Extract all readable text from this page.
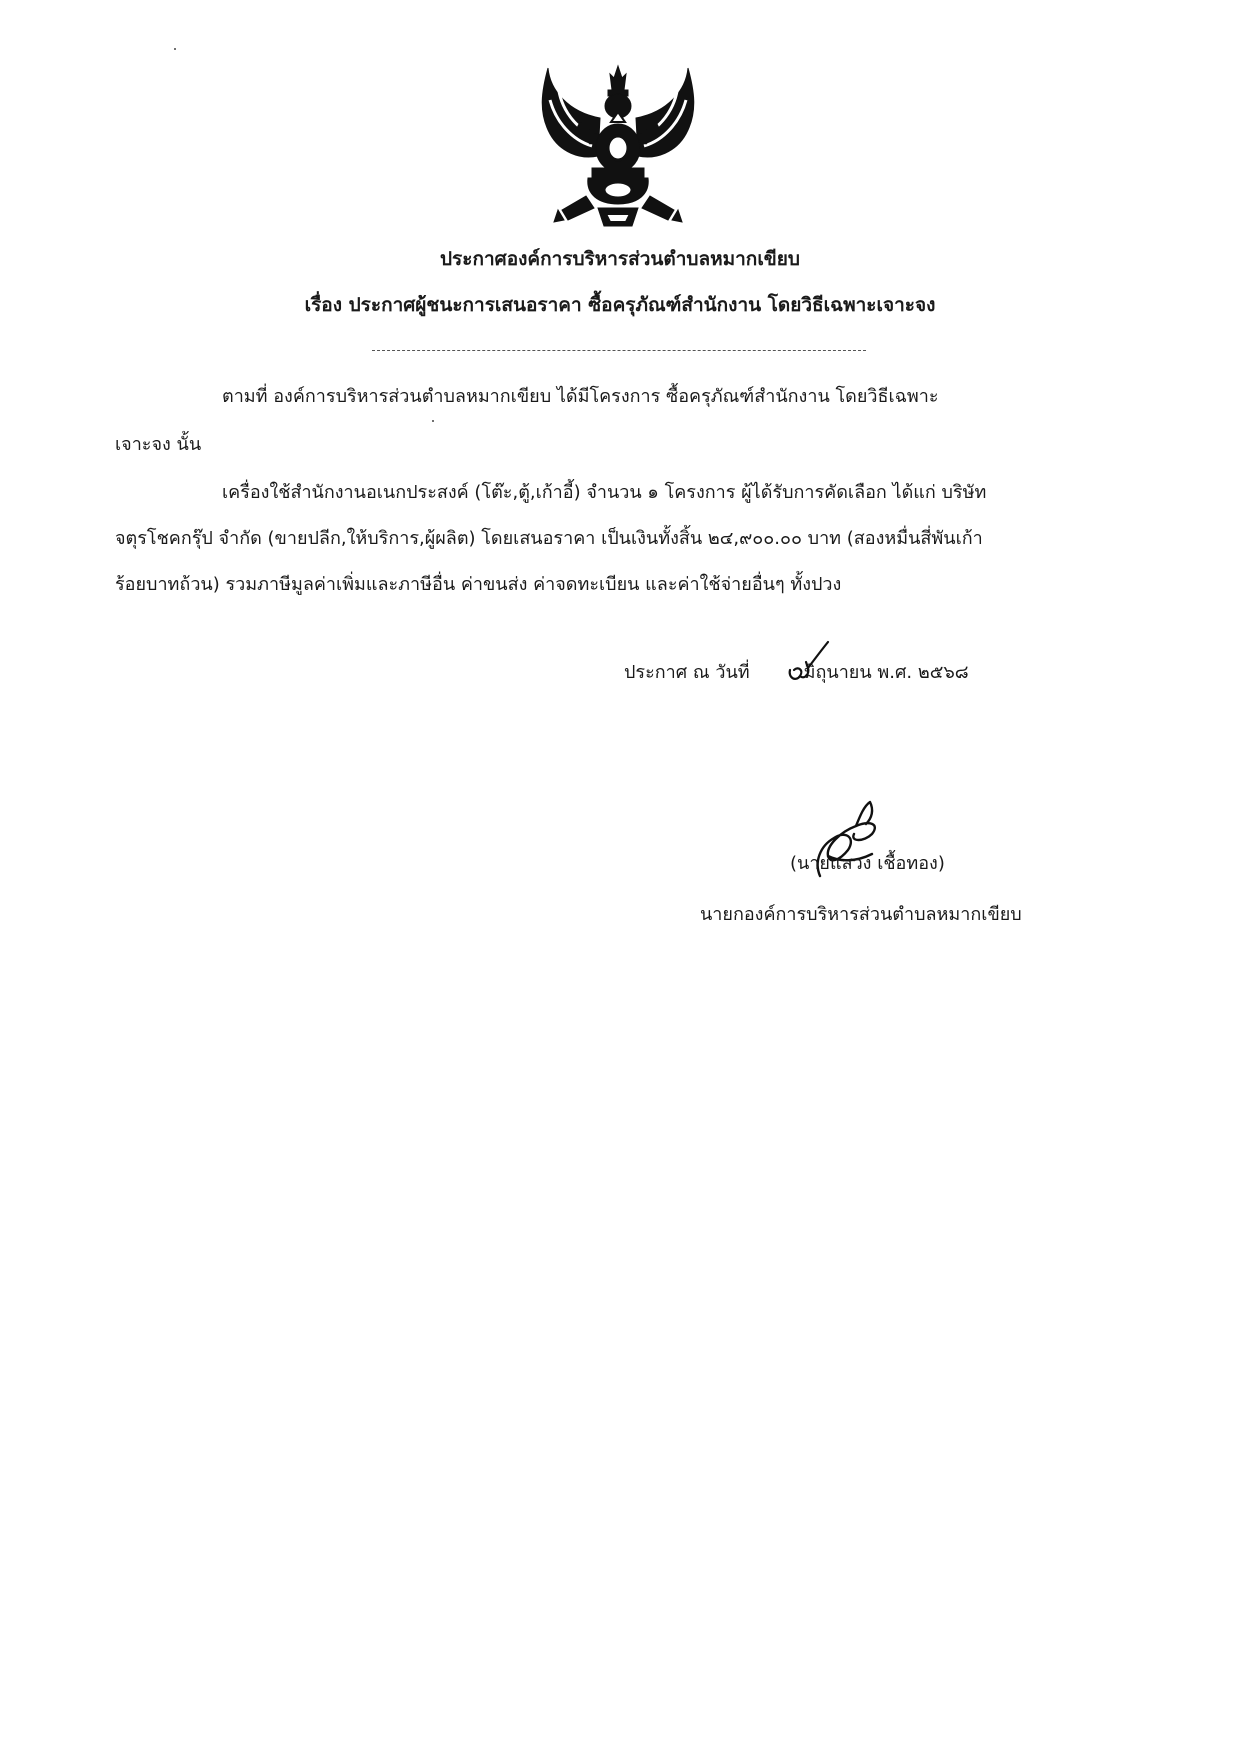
ประกาศองค์การบริหารส่วนตำบลหมากเขียบ
เรื่อง ประกาศผู้ชนะการเสนอราคา ซื้อครุภัณฑ์สำนักงาน โดยวิธีเฉพาะเจาะจง
ตามที่ องค์การบริหารส่วนตำบลหมากเขียบ ได้มีโครงการ ซื้อครุภัณฑ์สำนักงาน โดยวิธีเฉพาะ
เจาะจง นั้น
เครื่องใช้สำนักงานอเนกประสงค์ (โต๊ะ,ตู้,เก้าอี้) จำนวน ๑ โครงการ ผู้ได้รับการคัดเลือก ได้แก่ บริษัท
จตุรโชคกรุ๊ป จำกัด (ขายปลีก,ให้บริการ,ผู้ผลิต) โดยเสนอราคา เป็นเงินทั้งสิ้น ๒๔,๙๐๐.๐๐ บาท (สองหมื่นสี่พันเก้า
ร้อยบาทถ้วน) รวมภาษีมูลค่าเพิ่มและภาษีอื่น ค่าขนส่ง ค่าจดทะเบียน และค่าใช้จ่ายอื่นๆ ทั้งปวง
ประกาศ ณ วันที่	มิถุนายน พ.ศ. ๒๕๖๘
(นายแสวง เชื้อทอง)
นายกองค์การบริหารส่วนตำบลหมากเขียบ
